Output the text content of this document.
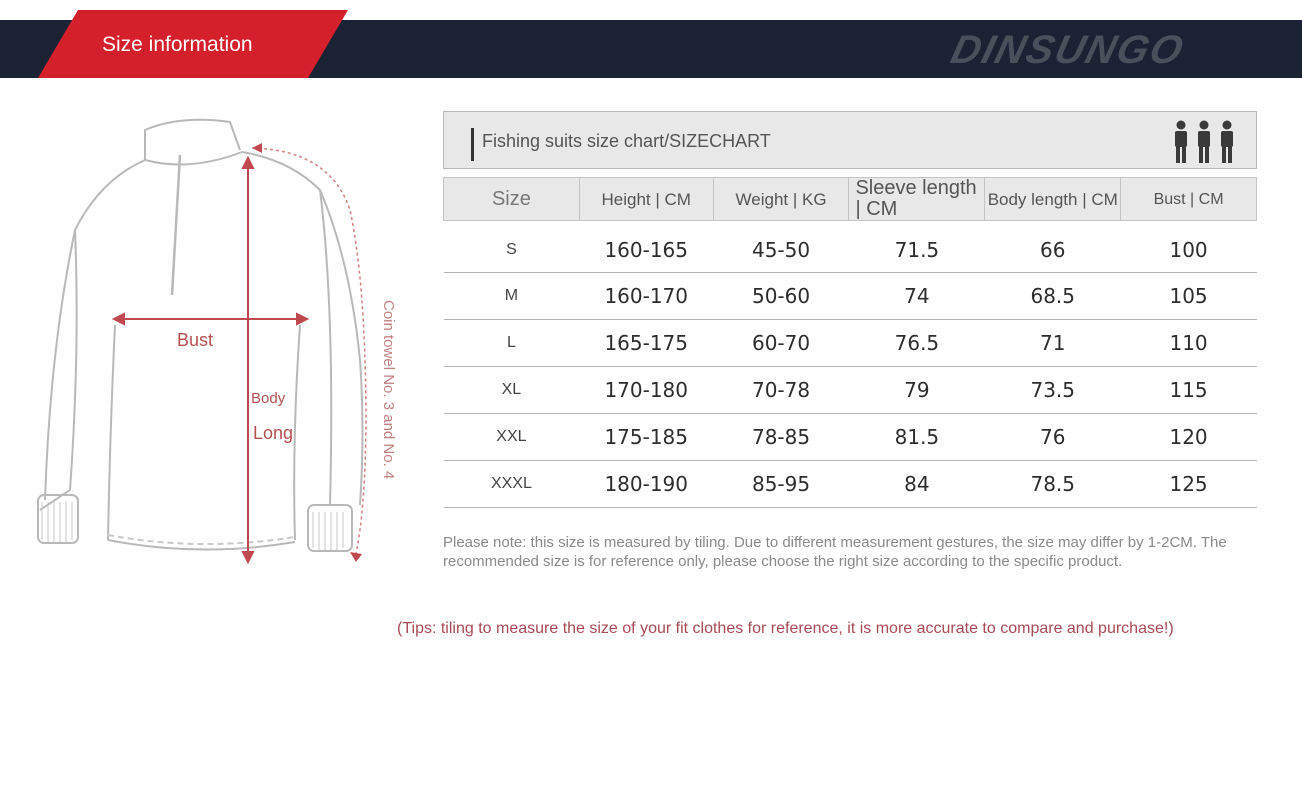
Size information	DINSUNGO
Bust
Body
Long	Coin towel No. 3 and No. 4
Fishing suits size chart/SIZECHART
Size	Height | CM	Weight | KG	Sleeve length | CM	Body length | CM	Bust | CM
S	160-165	45-50	71.5	66	100
M	160-170	50-60	74	68.5	105
L	165-175	60-70	76.5	71	110
XL	170-180	70-78	79	73.5	115
XXL	175-185	78-85	81.5	76	120
XXXL	180-190	85-95	84	78.5	125
Please note: this size is measured by tiling. Due to different measurement gestures, the size may differ by 1-2CM. The recommended size is for reference only, please choose the right size according to the specific product.
(Tips: tiling to measure the size of your fit clothes for reference, it is more accurate to compare and purchase!)
